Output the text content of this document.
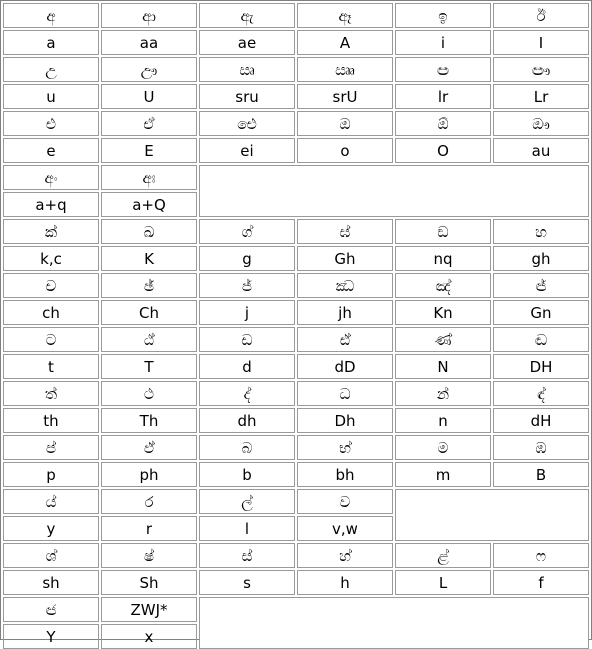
අ	ආ	ඇ	ඈ	ඉ	ඊ
a	aa	ae	A	i	I
උ	ඌ	ඍ	ඎ	ඏ	ඐ
u	U	sru	srU	lr	Lr
එ	ඒ	ඓ	ඔ	ඕ	ඖ
e	E	ei	o	O	au
අං	අඃ
a+q	a+Q
ක්	ඛ	ග්	ඝ්	ඞ	හ
k,c	K	g	Gh	nq	gh
ච	ඡ්	ජ්	ඣ	ඤ්	ඦ්
ch	Ch	j	jh	Kn	Gn
ට	ඨ්	ඩ	ඪ්	ණ්	ඬ
t	T	d	dD	N	DH
ත්	ථ	ද්	ධ	න්	ඳ්
th	Th	dh	Dh	n	dH
ප්	ඵ්	බ	භ්	ම	ඹ
p	ph	b	bh	m	B
ය්	ර	ල්	ව
y	r	l	v,w
ශ්	ෂ්	ස්	හ්	ළ්	ෆ
sh	Sh	s	h	L	f
ඦ	ZWJ*
Y	x
